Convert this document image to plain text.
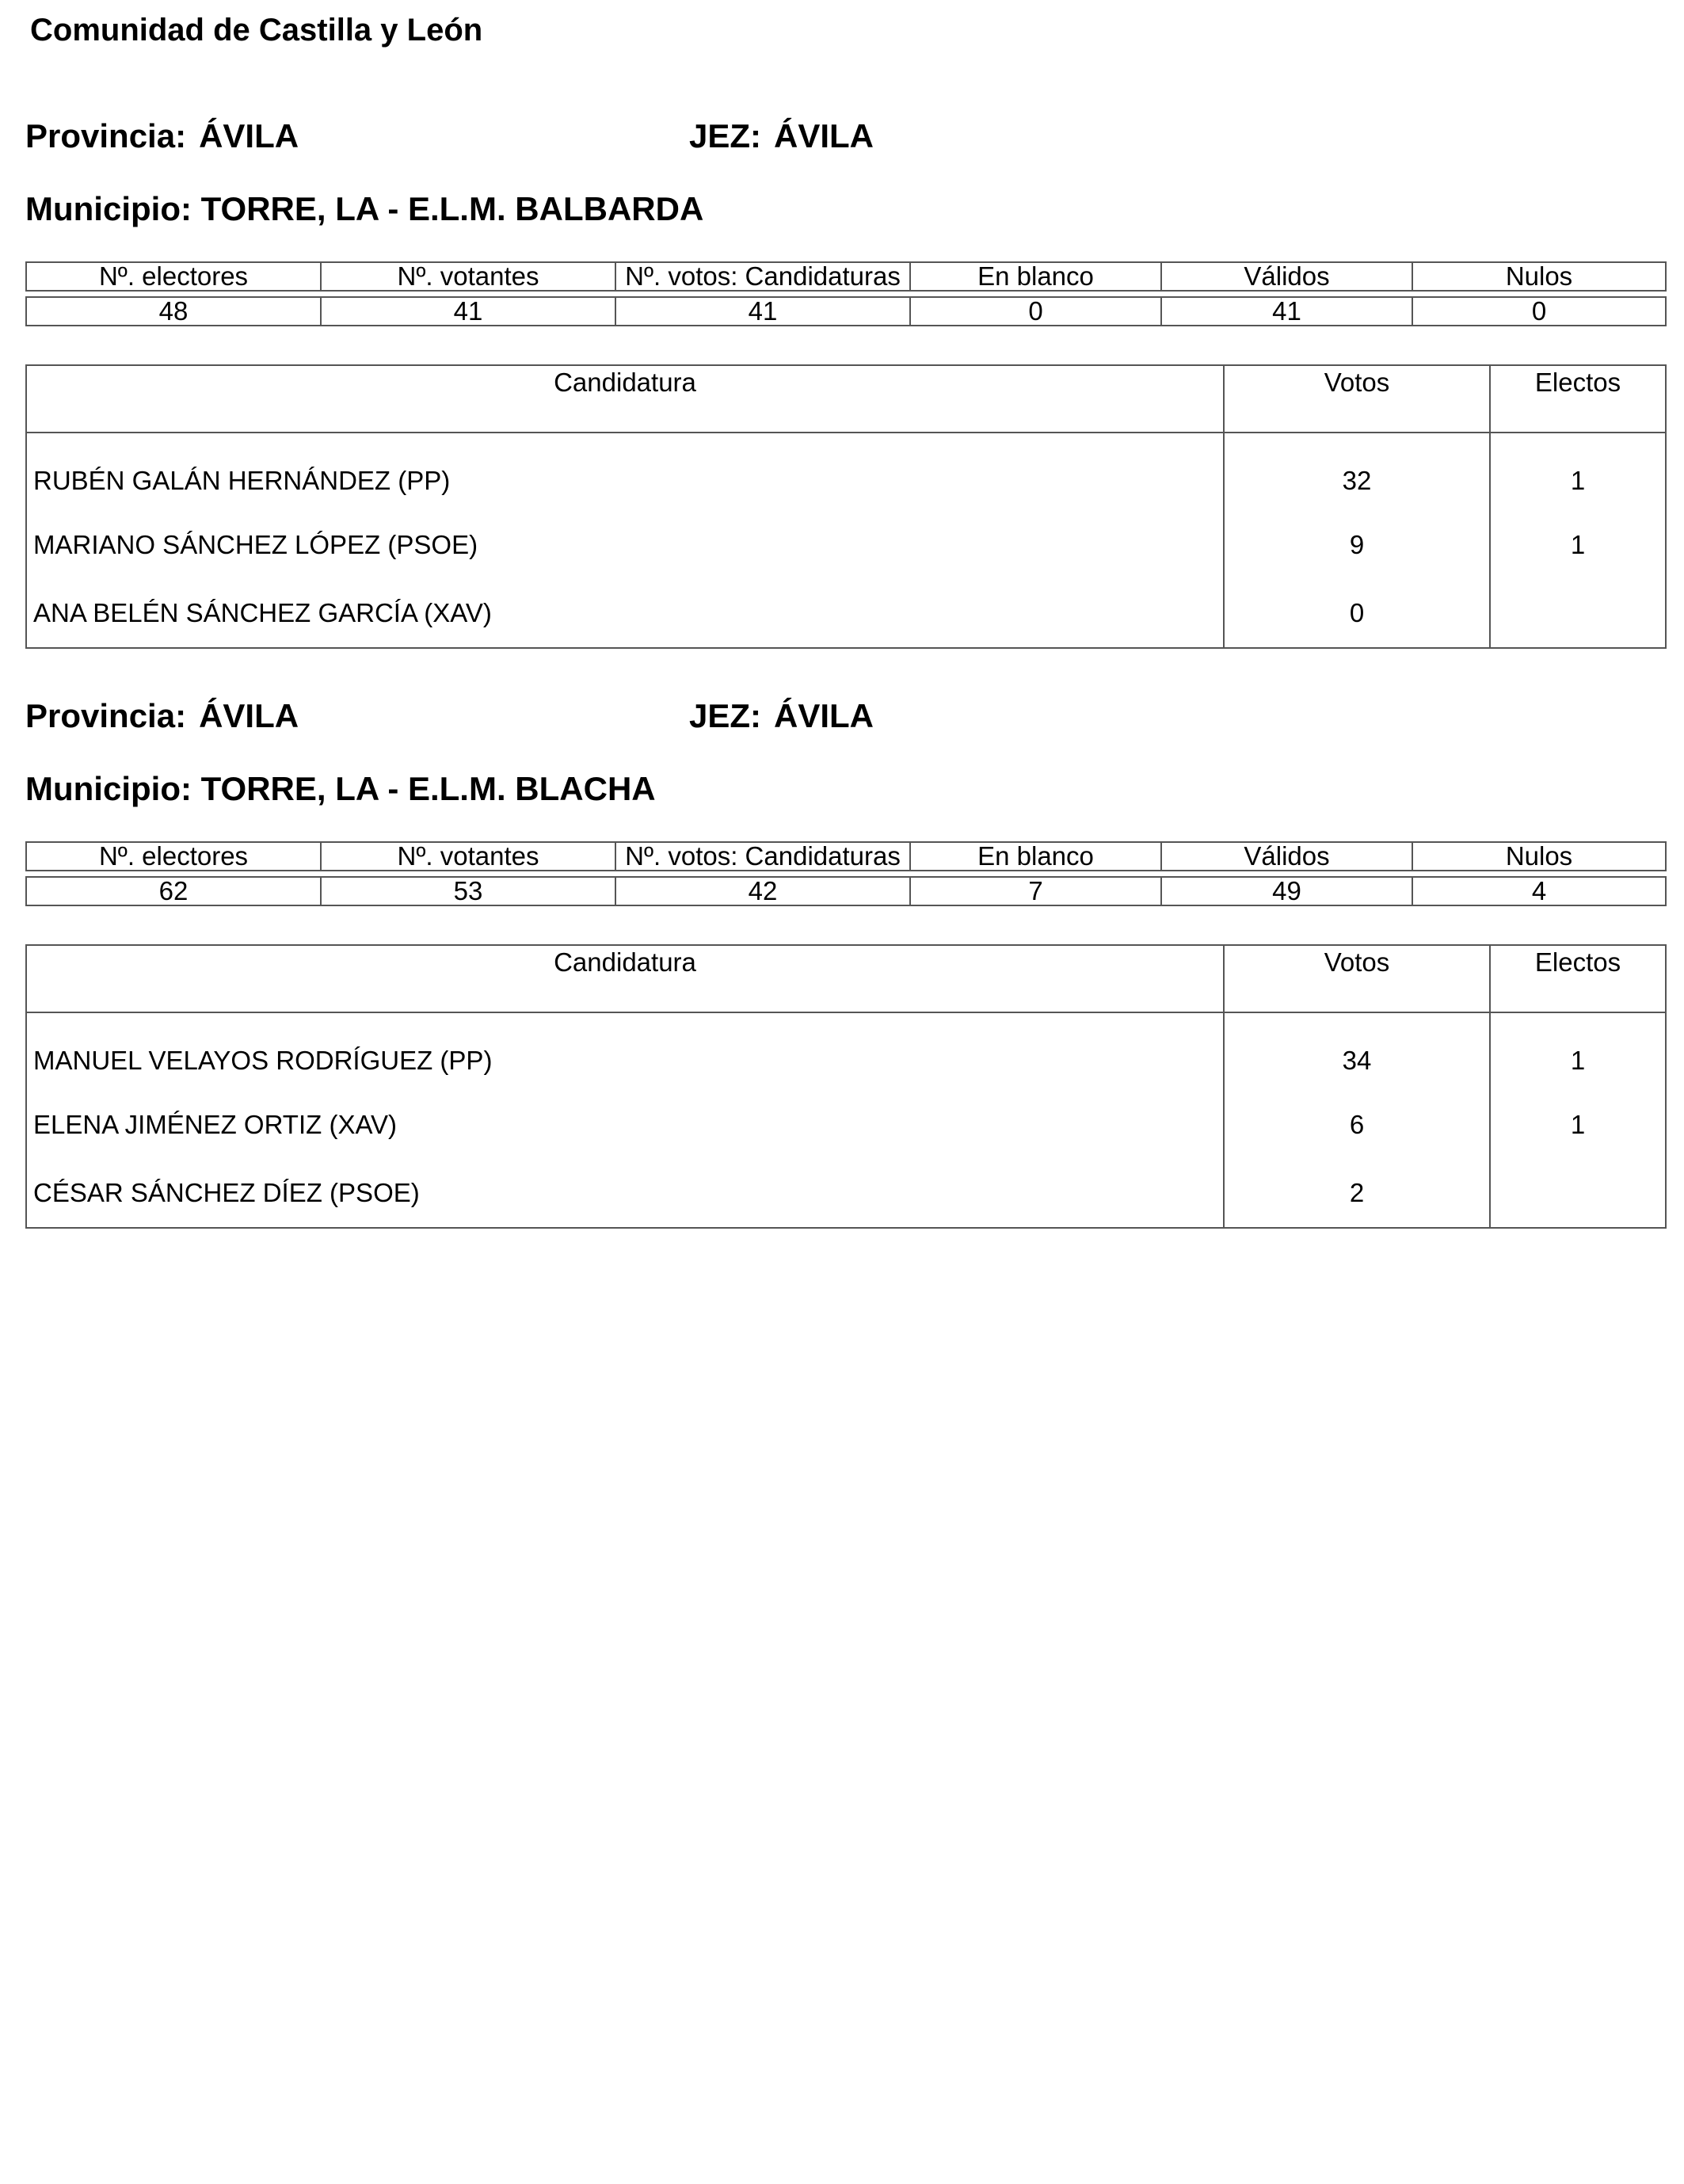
Comunidad de Castilla y León
Provincia: ÁVILA	JEZ: ÁVILA
Municipio: TORRE, LA - E.L.M. BALBARDA
Nº. electores	Nº. votantes	Nº. votos: Candidaturas	En blanco	Válidos	Nulos

48	41	41	0	41	0
Candidatura	Votos	Electos
RUBÉN GALÁN HERNÁNDEZ (PP)	32	1
MARIANO SÁNCHEZ LÓPEZ (PSOE)	9	1
ANA BELÉN SÁNCHEZ GARCÍA (XAV)	0	
Provincia: ÁVILA	JEZ: ÁVILA
Municipio: TORRE, LA - E.L.M. BLACHA
Nº. electores	Nº. votantes	Nº. votos: Candidaturas	En blanco	Válidos	Nulos

62	53	42	7	49	4
Candidatura	Votos	Electos
MANUEL VELAYOS RODRÍGUEZ (PP)	34	1
ELENA JIMÉNEZ ORTIZ (XAV)	6	1
CÉSAR SÁNCHEZ DÍEZ (PSOE)	2	
